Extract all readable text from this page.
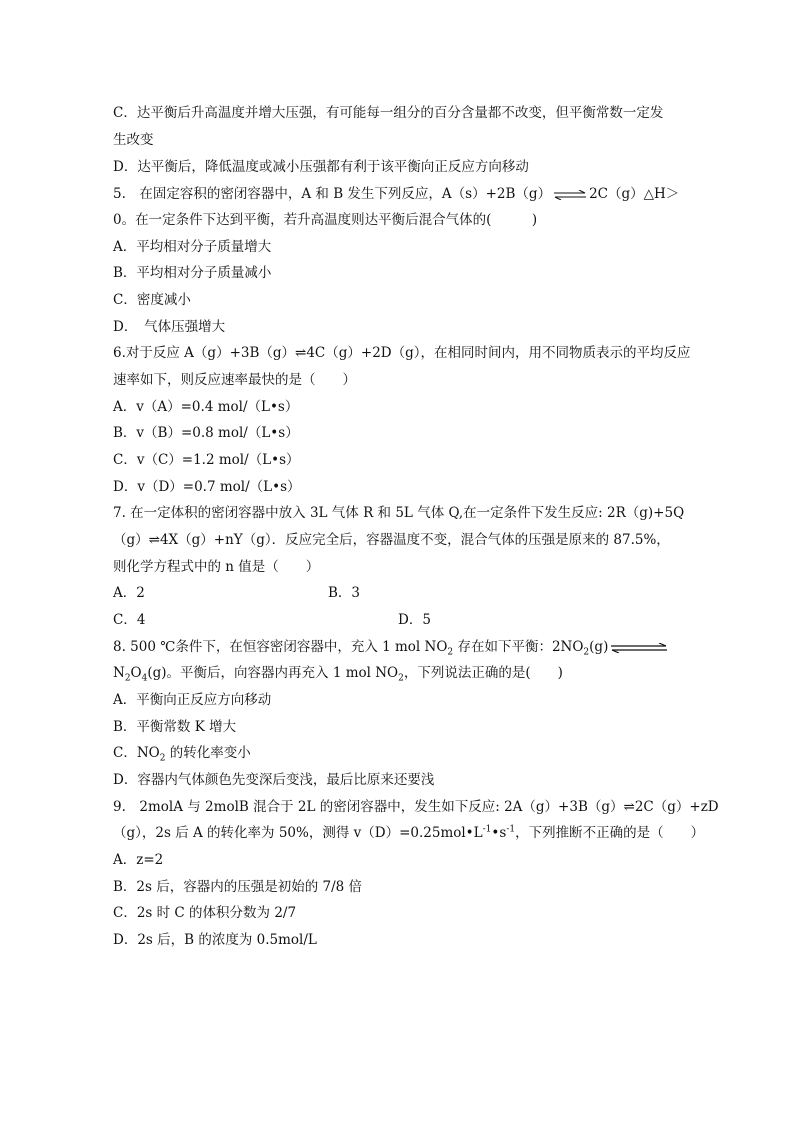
C．达平衡后升高温度并增大压强，有可能每一组分的百分含量都不改变，但平衡常数一定发
生改变
D．达平衡后，降低温度或减小压强都有利于该平衡向正反应方向移动
5.　在固定容积的密闭容器中，A 和 B 发生下列反应，A（s）+2B（g） ⇌ 2C（g）△H＞
0。在一定条件下达到平衡，若升高温度则达平衡后混合气体的(　　　)
A．平均相对分子质量增大
B．平均相对分子质量减小
C．密度减小
D．　气体压强增大
6.对于反应 A（g）+3B（g）⇌4C（g）+2D（g），在相同时间内，用不同物质表示的平均反应
速率如下，则反应速率最快的是（　　）
A．v（A）=0.4 mol/（L•s）
B．v（B）=0.8 mol/（L•s）
C．v（C）=1.2 mol/（L•s）
D．v（D）=0.7 mol/（L•s）
7. 在一定体积的密闭容器中放入 3L 气体 R 和 5L 气体 Q,在一定条件下发生反应: 2R（g)+5Q
（g）⇌4X（g）+nY（g）．反应完全后，容器温度不变，混合气体的压强是原来的 87.5%，
则化学方程式中的 n 值是（　　）
A．2	B．3
C．4	D．5
8. 500 ℃条件下，在恒容密闭容器中，充入 1 mol $NO_2$ 存在如下平衡：$2NO_2(g)$
$N_2O_4(g)$。平衡后，向容器内再充入 1 mol $NO_2$，下列说法正确的是(　　)
A．平衡向正反应方向移动
B．平衡常数 K 增大
C．$NO_2$ 的转化率变小
D．容器内气体颜色先变深后变浅，最后比原来还要浅
9.　2molA 与 2molB 混合于 2L 的密闭容器中，发生如下反应: 2A（g）+3B（g）⇌2C（g）+zD
（g），2s 后 A 的转化率为 50%，测得 $v(D)=0.25mol•L^{-1}•s^{-1}$，下列推断不正确的是（　　）
A．z=2
B．2s 后，容器内的压强是初始的 7/8 倍
C．2s 时 C 的体积分数为 2/7
D．2s 后，B 的浓度为 0.5mol/L
